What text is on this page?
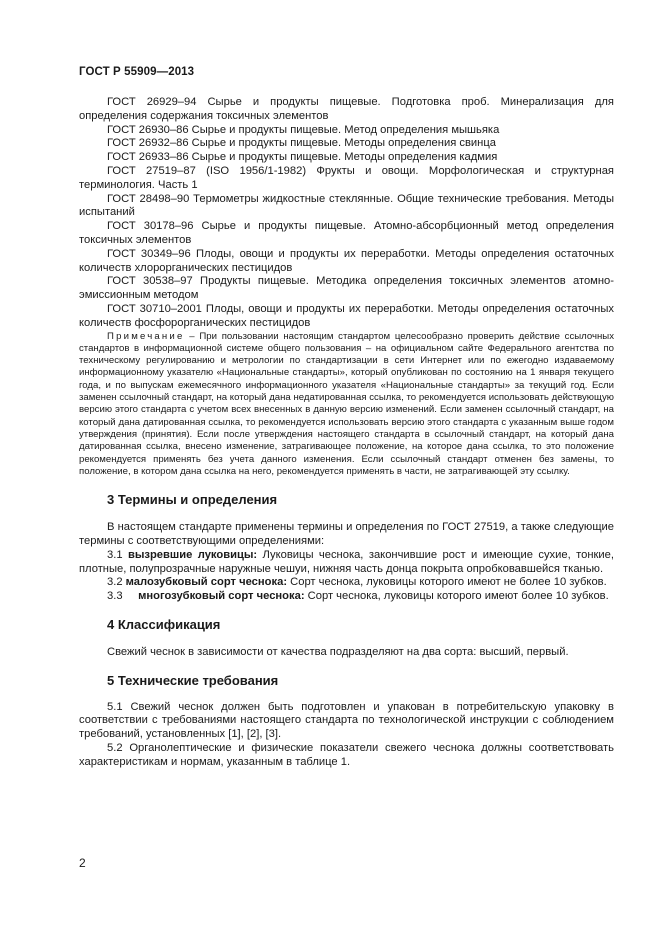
ГОСТ Р 55909—2013

ГОСТ 26929–94 Сырье и продукты пищевые. Подготовка проб. Минерализация для определения содержания токсичных элементов

ГОСТ 26930–86 Сырье и продукты пищевые. Метод определения мышьяка

ГОСТ 26932–86 Сырье и продукты пищевые. Методы определения свинца

ГОСТ 26933–86 Сырье и продукты пищевые. Методы определения кадмия

ГОСТ 27519–87 (ISO 1956/1-1982) Фрукты и овощи. Морфологическая и структурная терминология. Часть 1

ГОСТ 28498–90 Термометры жидкостные стеклянные. Общие технические требования. Методы испытаний

ГОСТ 30178–96 Сырье и продукты пищевые. Атомно-абсорбционный метод определения токсичных элементов

ГОСТ 30349–96 Плоды, овощи и продукты их переработки. Методы определения остаточных количеств хлорорганических пестицидов

ГОСТ 30538–97 Продукты пищевые. Методика определения токсичных элементов атомно-эмиссионным методом

ГОСТ 30710–2001 Плоды, овощи и продукты их переработки. Методы определения остаточных количеств фосфорорганических пестицидов

Примечание – При пользовании настоящим стандартом целесообразно проверить действие ссылочных стандартов в информационной системе общего пользования – на официальном сайте Федерального агентства по техническому регулированию и метрологии по стандартизации в сети Интернет или по ежегодно издаваемому информационному указателю «Национальные стандарты», который опубликован по состоянию на 1 января текущего года, и по выпускам ежемесячного информационного указателя «Национальные стандарты» за текущий год. Если заменен ссылочный стандарт, на который дана недатированная ссылка, то рекомендуется использовать действующую версию этого стандарта с учетом всех внесенных в данную версию изменений. Если заменен ссылочный стандарт, на который дана датированная ссылка, то рекомендуется использовать версию этого стандарта с указанным выше годом утверждения (принятия). Если после утверждения настоящего стандарта в ссылочный стандарт, на который дана датированная ссылка, внесено изменение, затрагивающее положение, на которое дана ссылка, то это положение рекомендуется применять без учета данного изменения. Если ссылочный стандарт отменен без замены, то положение, в котором дана ссылка на него, рекомендуется применять в части, не затрагивающей эту ссылку.

3 Термины и определения

В настоящем стандарте применены термины и определения по ГОСТ 27519, а также следующие термины с соответствующими определениями:

3.1 вызревшие луковицы: Луковицы чеснока, закончившие рост и имеющие сухие, тонкие, плотные, полупрозрачные наружные чешуи, нижняя часть донца покрыта опробковавшейся тканью.

3.2 малозубковый сорт чеснока: Сорт чеснока, луковицы которого имеют не более 10 зубков.

3.3 многозубковый сорт чеснока: Сорт чеснока, луковицы которого имеют более 10 зубков.

4 Классификация

Свежий чеснок в зависимости от качества подразделяют на два сорта: высший, первый.

5 Технические требования

5.1 Свежий чеснок должен быть подготовлен и упакован в потребительскую упаковку в соответствии с требованиями настоящего стандарта по технологической инструкции с соблюдением требований, установленных [1], [2], [3].

5.2 Органолептические и физические показатели свежего чеснока должны соответствовать характеристикам и нормам, указанным в таблице 1.

2
